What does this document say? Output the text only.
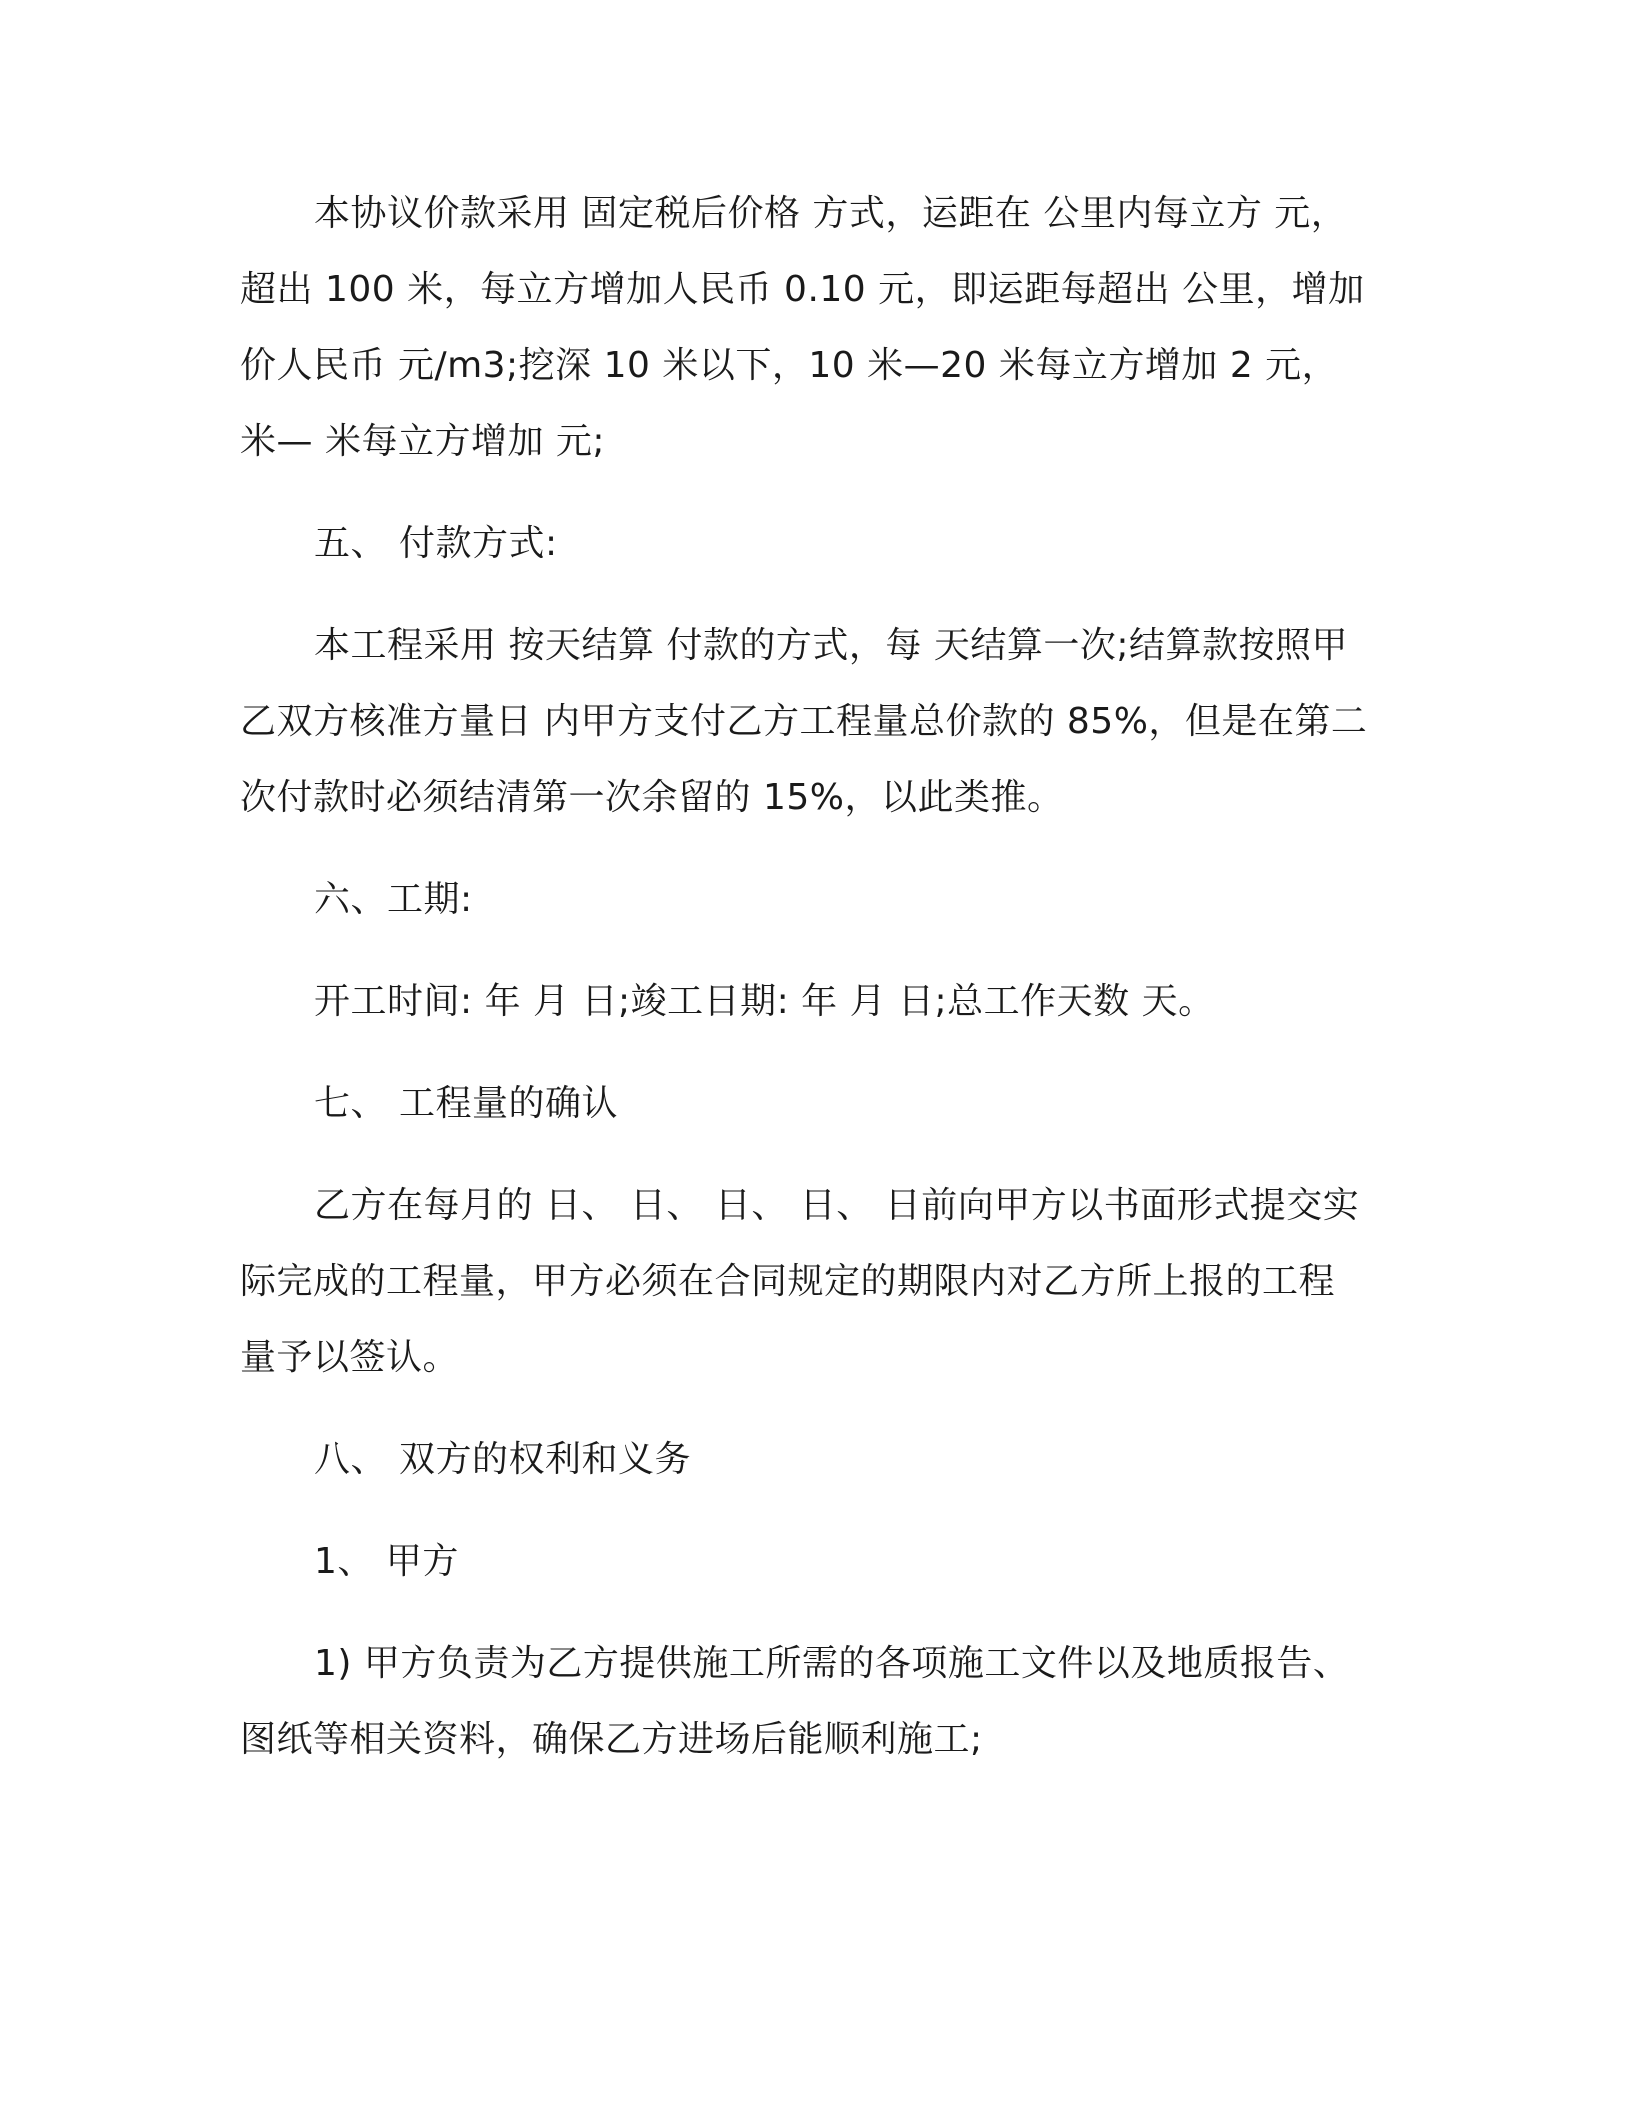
本协议价款采用 固定税后价格 方式，运距在 公里内每立方 元，
超出 100 米，每立方增加人民币 0.10 元，即运距每超出 公里，增加
价人民币 元/m3;挖深 10 米以下，10 米—20 米每立方增加 2 元，
米— 米每立方增加 元;
五、 付款方式:
本工程采用 按天结算 付款的方式，每 天结算一次;结算款按照甲
乙双方核准方量日 内甲方支付乙方工程量总价款的 85%，但是在第二
次付款时必须结清第一次余留的 15%，以此类推。
六、工期:
开工时间: 年 月 日;竣工日期: 年 月 日;总工作天数 天。
七、 工程量的确认
乙方在每月的 日、 日、 日、 日、 日前向甲方以书面形式提交实
际完成的工程量，甲方必须在合同规定的期限内对乙方所上报的工程
量予以签认。
八、 双方的权利和义务
1、 甲方
1) 甲方负责为乙方提供施工所需的各项施工文件以及地质报告、
图纸等相关资料，确保乙方进场后能顺利施工;
